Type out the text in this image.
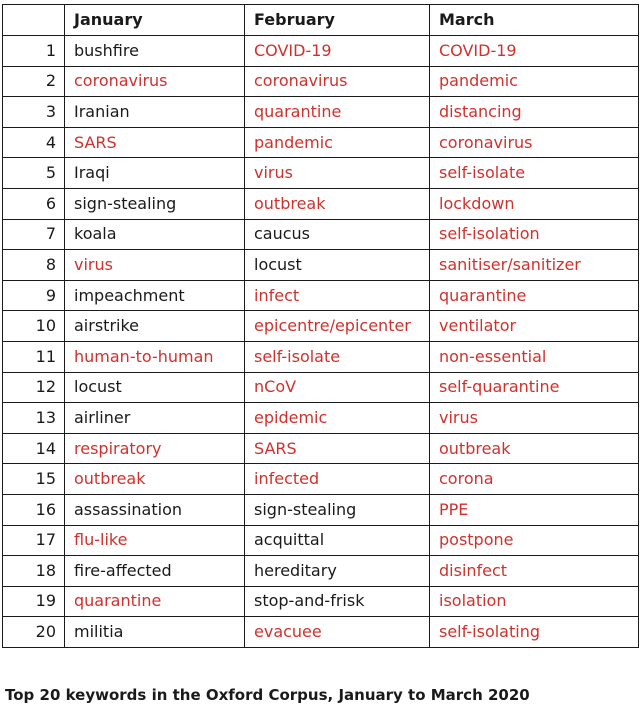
	January	February	March
1	bushfire	COVID-19	COVID-19
2	coronavirus	coronavirus	pandemic
3	Iranian	quarantine	distancing
4	SARS	pandemic	coronavirus
5	Iraqi	virus	self-isolate
6	sign-stealing	outbreak	lockdown
7	koala	caucus	self-isolation
8	virus	locust	sanitiser/sanitizer
9	impeachment	infect	quarantine
10	airstrike	epicentre/epicenter	ventilator
11	human-to-human	self-isolate	non-essential
12	locust	nCoV	self-quarantine
13	airliner	epidemic	virus
14	respiratory	SARS	outbreak
15	outbreak	infected	corona
16	assassination	sign-stealing	PPE
17	flu-like	acquittal	postpone
18	fire-affected	hereditary	disinfect
19	quarantine	stop-and-frisk	isolation
20	militia	evacuee	self-isolating
Top 20 keywords in the Oxford Corpus, January to March 2020
